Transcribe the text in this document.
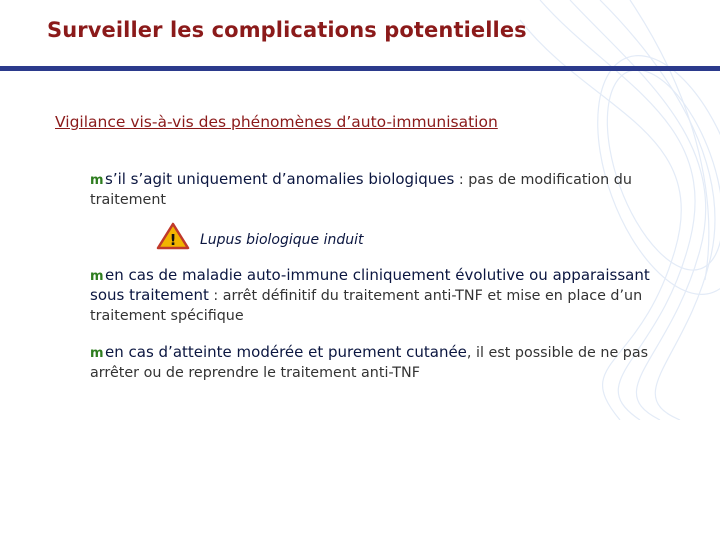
Surveiller les complications potentielles
Vigilance vis-à-vis des phénomènes d’auto-immunisation
ms’il s’agit uniquement d’anomalies biologiques : pas de modification du traitement
! Lupus biologique induit
men cas de maladie auto-immune cliniquement évolutive ou apparaissant sous traitement : arrêt définitif du traitement anti-TNF et mise en place d’un traitement spécifique
men cas d’atteinte modérée et purement cutanée, il est possible de ne pas arrêter ou de reprendre le traitement anti-TNF
